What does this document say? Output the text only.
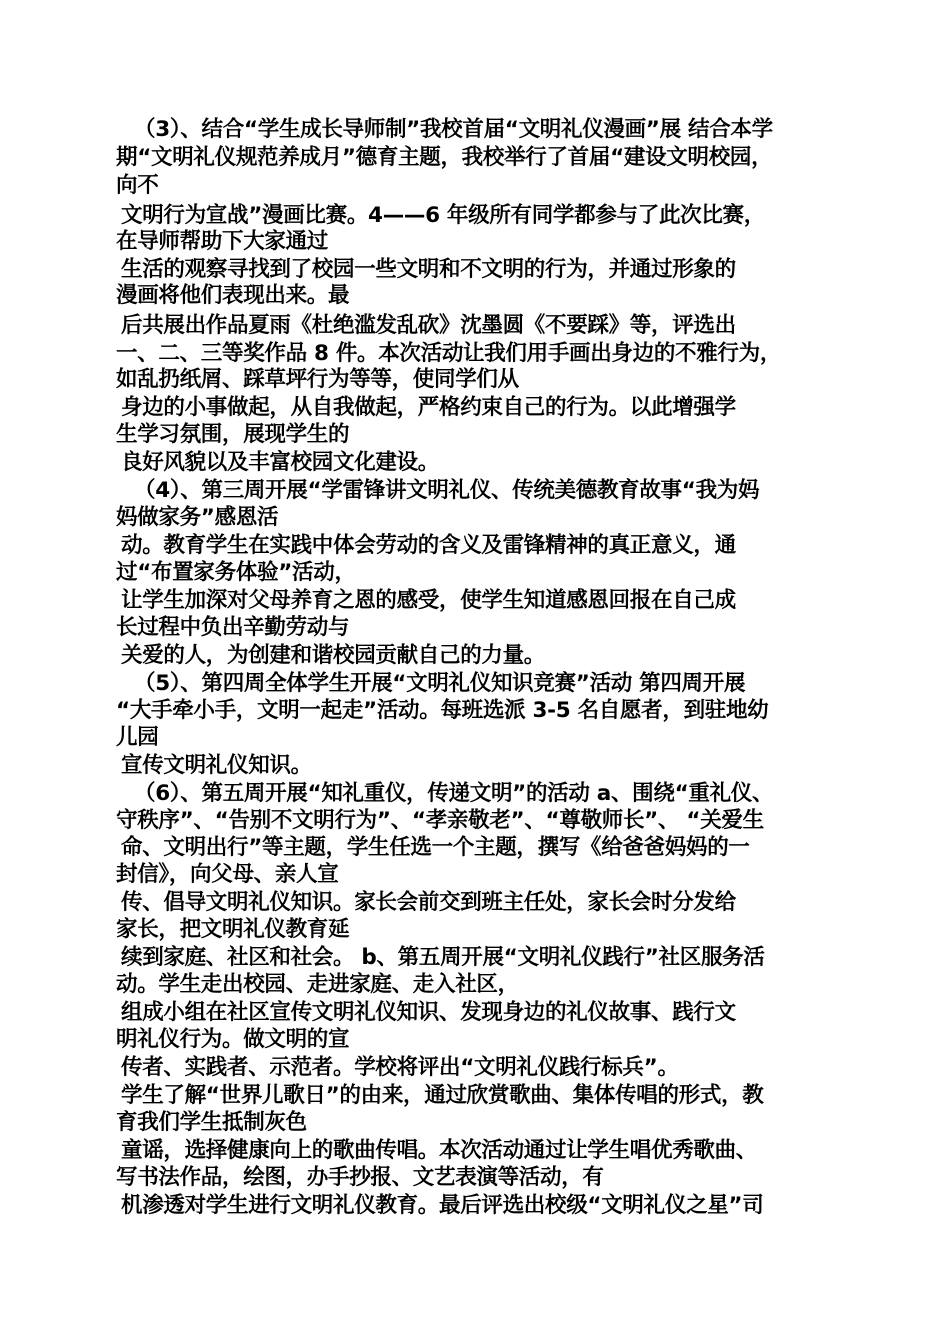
（3）、结合“学生成长导师制”我校首届“文明礼仪漫画”展 结合本学
期“文明礼仪规范养成月”德育主题，我校举行了首届“建设文明校园，
向不
文明行为宣战”漫画比赛。4——6 年级所有同学都参与了此次比赛，
在导师帮助下大家通过
生活的观察寻找到了校园一些文明和不文明的行为，并通过形象的
漫画将他们表现出来。最
后共展出作品夏雨《杜绝滥发乱砍》沈墨圆《不要踩》等，评选出
一、二、三等奖作品 8 件。本次活动让我们用手画出身边的不雅行为，
如乱扔纸屑、踩草坪行为等等，使同学们从
身边的小事做起，从自我做起，严格约束自己的行为。以此增强学
生学习氛围，展现学生的
良好风貌以及丰富校园文化建设。
（4）、第三周开展“学雷锋讲文明礼仪、传统美德教育故事“我为妈
妈做家务”感恩活
动。教育学生在实践中体会劳动的含义及雷锋精神的真正意义，通
过“布置家务体验”活动，
让学生加深对父母养育之恩的感受，使学生知道感恩回报在自己成
长过程中负出辛勤劳动与
关爱的人，为创建和谐校园贡献自己的力量。
（5）、第四周全体学生开展“文明礼仪知识竞赛”活动 第四周开展
“大手牵小手，文明一起走”活动。每班选派 3-5 名自愿者，到驻地幼
儿园
宣传文明礼仪知识。
（6）、第五周开展“知礼重仪，传递文明”的活动 a、围绕“重礼仪、
守秩序”、“告别不文明行为”、“孝亲敬老”、“尊敬师长”、 “关爱生
命、文明出行”等主题，学生任选一个主题，撰写《给爸爸妈妈的一
封信》，向父母、亲人宣
传、倡导文明礼仪知识。家长会前交到班主任处，家长会时分发给
家长，把文明礼仪教育延
续到家庭、社区和社会。 b、第五周开展“文明礼仪践行”社区服务活
动。学生走出校园、走进家庭、走入社区，
组成小组在社区宣传文明礼仪知识、发现身边的礼仪故事、践行文
明礼仪行为。做文明的宣
传者、实践者、示范者。学校将评出“文明礼仪践行标兵”。
学生了解“世界儿歌日”的由来，通过欣赏歌曲、集体传唱的形式，教
育我们学生抵制灰色
童谣，选择健康向上的歌曲传唱。本次活动通过让学生唱优秀歌曲、
写书法作品，绘图，办手抄报、文艺表演等活动，有
机渗透对学生进行文明礼仪教育。最后评选出校级“文明礼仪之星”司
